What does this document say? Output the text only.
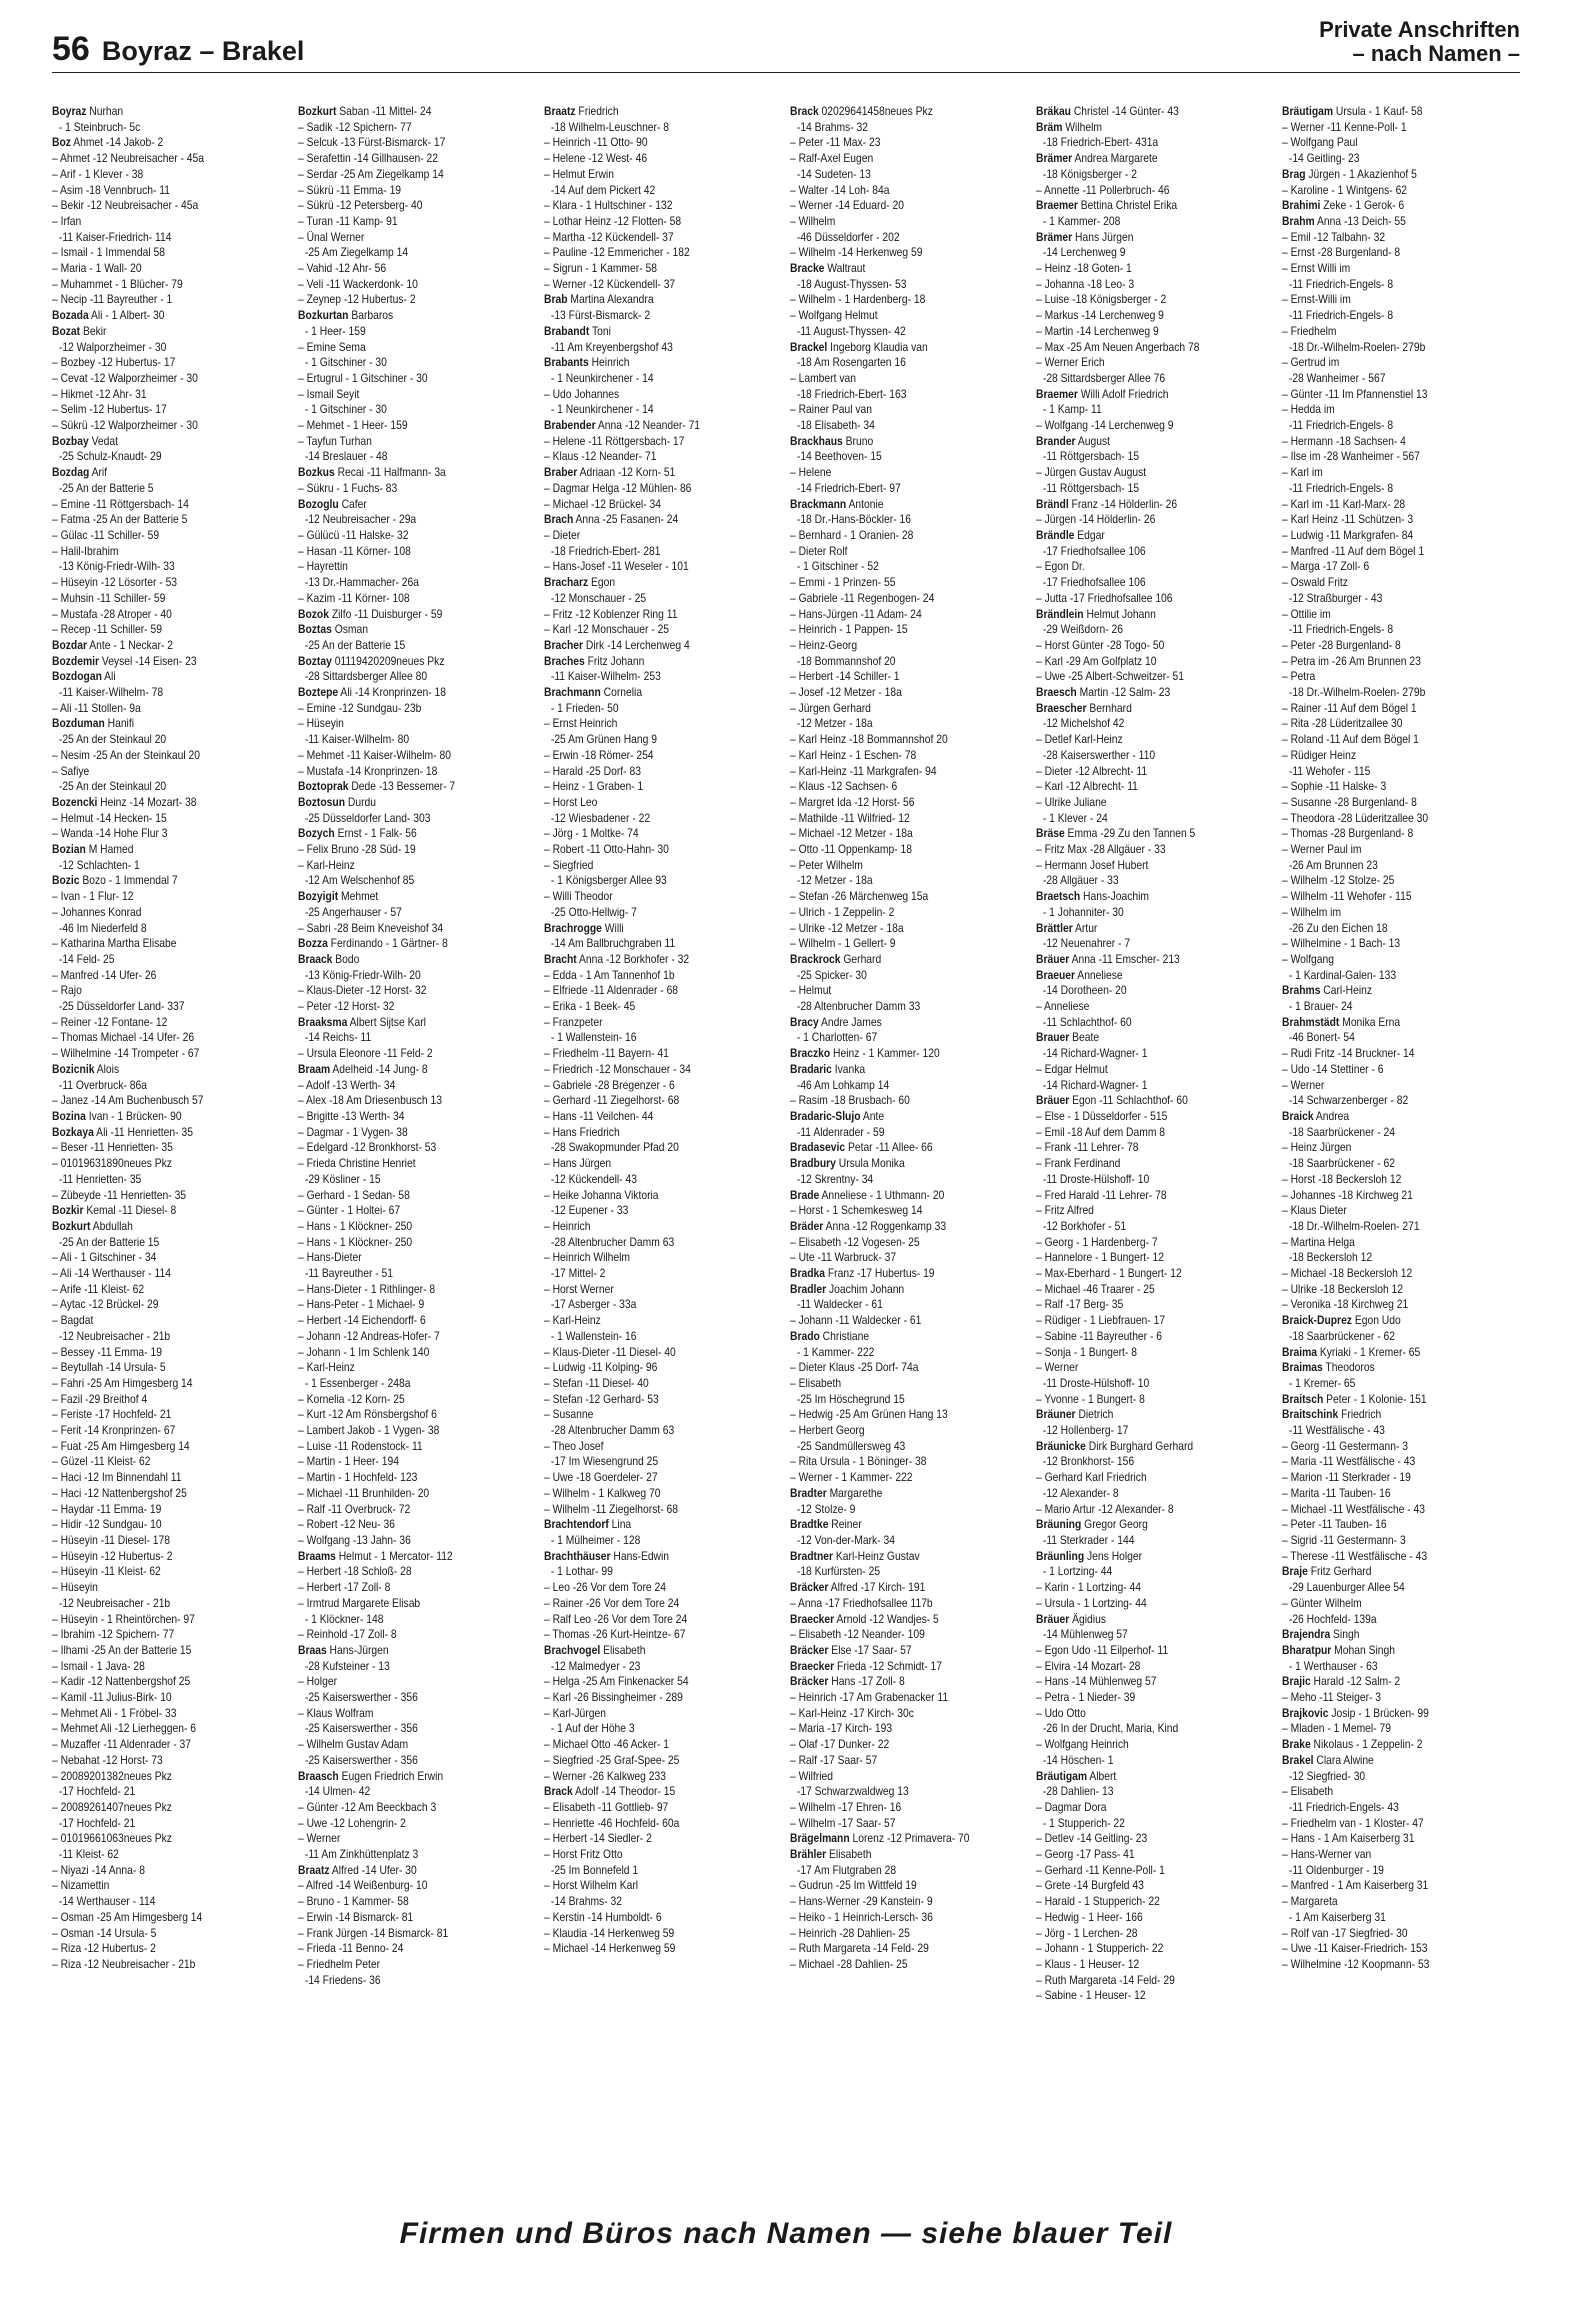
56 Boyraz – Brakel
Private Anschriften
– nach Namen –
Boyraz Nurhan
- 1 Steinbruch- 5c
Boz Ahmet -14 Jakob- 2
– Ahmet -12 Neubreisacher - 45a
– Arif - 1 Klever - 38
– Asim -18 Vennbruch- 11
– Bekir -12 Neubreisacher - 45a
– Irfan
-11 Kaiser-Friedrich- 114
– Ismail - 1 Immendal 58
– Maria - 1 Wall- 20
– Muhammet - 1 Blücher- 79
– Necip -11 Bayreuther - 1
Bozada Ali - 1 Albert- 30
Bozat Bekir
-12 Walporzheimer - 30
– Bozbey -12 Hubertus- 17
– Cevat -12 Walporzheimer - 30
– Hikmet -12 Ahr- 31
– Selim -12 Hubertus- 17
– Sükrü -12 Walporzheimer - 30
Bozbay Vedat
-25 Schulz-Knaudt- 29
Bozdag Arif
-25 An der Batterie 5
– Emine -11 Röttgersbach- 14
– Fatma -25 An der Batterie 5
– Gülac -11 Schiller- 59
– Halil-Ibrahim
-13 König-Friedr-Wilh- 33
– Hüseyin -12 Lösorter - 53
– Muhsin -11 Schiller- 59
– Mustafa -28 Atroper - 40
– Recep -11 Schiller- 59
Bozdar Ante - 1 Neckar- 2
Bozdemir Veysel -14 Eisen- 23
Bozdogan Ali
-11 Kaiser-Wilhelm- 78
– Ali -11 Stollen- 9a
Bozduman Hanifi
-25 An der Steinkaul 20
– Nesim -25 An der Steinkaul 20
– Safiye
-25 An der Steinkaul 20
Bozencki Heinz -14 Mozart- 38
– Helmut -14 Hecken- 15
– Wanda -14 Hohe Flur 3
Bozian M Hamed
-12 Schlachten- 1
Bozic Bozo - 1 Immendal 7
– Ivan - 1 Flur- 12
– Johannes Konrad
-46 Im Niederfeld 8
– Katharina Martha Elisabe
-14 Feld- 25
– Manfred -14 Ufer- 26
– Rajo
-25 Düsseldorfer Land- 337
– Reiner -12 Fontane- 12
– Thomas Michael -14 Ufer- 26
– Wilhelmine -14 Trompeter - 67
Bozicnik Alois
-11 Overbruck- 86a
– Janez -14 Am Buchenbusch 57
Bozina Ivan - 1 Brücken- 90
Bozkaya Ali -11 Henrietten- 35
– Beser -11 Henrietten- 35
– 01019631890neues Pkz
-11 Henrietten- 35
– Zübeyde -11 Henrietten- 35
Bozkir Kemal -11 Diesel- 8
Bozkurt Abdullah
-25 An der Batterie 15
– Ali - 1 Gitschiner - 34
– Ali -14 Werthauser - 114
– Arife -11 Kleist- 62
– Aytac -12 Brückel- 29
– Bagdat
-12 Neubreisacher - 21b
– Bessey -11 Emma- 19
– Beytullah -14 Ursula- 5
– Fahri -25 Am Himgesberg 14
– Fazil -29 Breithof 4
– Feriste -17 Hochfeld- 21
– Ferit -14 Kronprinzen- 67
– Fuat -25 Am Himgesberg 14
– Güzel -11 Kleist- 62
– Haci -12 Im Binnendahl 11
– Haci -12 Nattenbergshof 25
– Haydar -11 Emma- 19
– Hidir -12 Sundgau- 10
– Hüseyin -11 Diesel- 178
– Hüseyin -12 Hubertus- 2
– Hüseyin -11 Kleist- 62
– Hüseyin
-12 Neubreisacher - 21b
– Hüseyin - 1 Rheintörchen- 97
– Ibrahim -12 Spichern- 77
– Ilhami -25 An der Batterie 15
– Ismail - 1 Java- 28
– Kadir -12 Nattenbergshof 25
– Kamil -11 Julius-Birk- 10
– Mehmet Ali - 1 Fröbel- 33
– Mehmet Ali -12 Lierheggen- 6
– Muzaffer -11 Aldenrader - 37
– Nebahat -12 Horst- 73
– 20089201382neues Pkz
-17 Hochfeld- 21
– 20089261407neues Pkz
-17 Hochfeld- 21
– 01019661063neues Pkz
-11 Kleist- 62
– Niyazi -14 Anna- 8
– Nizamettin
-14 Werthauser - 114
– Osman -25 Am Himgesberg 14
– Osman -14 Ursula- 5
– Riza -12 Hubertus- 2
– Riza -12 Neubreisacher - 21b
Bozkurt Saban -11 Mittel- 24
– Sadik -12 Spichern- 77
– Selcuk -13 Fürst-Bismarck- 17
– Serafettin -14 Gillhausen- 22
– Serdar -25 Am Ziegelkamp 14
– Sükrü -11 Emma- 19
– Sükrü -12 Petersberg- 40
– Turan -11 Kamp- 91
– Ünal Werner
-25 Am Ziegelkamp 14
– Vahid -12 Ahr- 56
– Veli -11 Wackerdonk- 10
– Zeynep -12 Hubertus- 2
Bozkurtan Barbaros
- 1 Heer- 159
– Emine Sema
- 1 Gitschiner - 30
– Ertugrul - 1 Gitschiner - 30
– Ismail Seyit
- 1 Gitschiner - 30
– Mehmet - 1 Heer- 159
– Tayfun Turhan
-14 Breslauer - 48
Bozkus Recai -11 Halfmann- 3a
– Sükru - 1 Fuchs- 83
Bozoglu Cafer
-12 Neubreisacher - 29a
– Gülücü -11 Halske- 32
– Hasan -11 Körner- 108
– Hayrettin
-13 Dr.-Hammacher- 26a
– Kazim -11 Körner- 108
Bozok Zilfo -11 Duisburger - 59
Boztas Osman
-25 An der Batterie 15
Boztay 01119420209neues Pkz
-28 Sittardsberger Allee 80
Boztepe Ali -14 Kronprinzen- 18
– Emine -12 Sundgau- 23b
– Hüseyin
-11 Kaiser-Wilhelm- 80
– Mehmet -11 Kaiser-Wilhelm- 80
– Mustafa -14 Kronprinzen- 18
Boztoprak Dede -13 Bessemer- 7
Boztosun Durdu
-25 Düsseldorfer Land- 303
Bozych Ernst - 1 Falk- 56
– Felix Bruno -28 Süd- 19
– Karl-Heinz
-12 Am Welschenhof 85
Bozyigit Mehmet
-25 Angerhauser - 57
– Sabri -28 Beim Kneveishof 34
Bozza Ferdinando - 1 Gärtner- 8
Braack Bodo
-13 König-Friedr-Wilh- 20
– Klaus-Dieter -12 Horst- 32
– Peter -12 Horst- 32
Braaksma Albert Sijtse Karl
-14 Reichs- 11
– Ursula Eleonore -11 Feld- 2
Braam Adelheid -14 Jung- 8
– Adolf -13 Werth- 34
– Alex -18 Am Driesenbusch 13
– Brigitte -13 Werth- 34
– Dagmar - 1 Vygen- 38
– Edelgard -12 Bronkhorst- 53
– Frieda Christine Henriet
-29 Kösliner - 15
– Gerhard - 1 Sedan- 58
– Günter - 1 Holtei- 67
– Hans - 1 Klöckner- 250
– Hans - 1 Klöckner- 250
– Hans-Dieter
-11 Bayreuther - 51
– Hans-Dieter - 1 Rithlinger- 8
– Hans-Peter - 1 Michael- 9
– Herbert -14 Eichendorff- 6
– Johann -12 Andreas-Hofer- 7
– Johann - 1 Im Schlenk 140
– Karl-Heinz
- 1 Essenberger - 248a
– Kornelia -12 Korn- 25
– Kurt -12 Am Rönsbergshof 6
– Lambert Jakob - 1 Vygen- 38
– Luise -11 Rodenstock- 11
– Martin - 1 Heer- 194
– Martin - 1 Hochfeld- 123
– Michael -11 Brunhilden- 20
– Ralf -11 Overbruck- 72
– Robert -12 Neu- 36
– Wolfgang -13 Jahn- 36
Braams Helmut - 1 Mercator- 112
– Herbert -18 Schloß- 28
– Herbert -17 Zoll- 8
– Irmtrud Margarete Elisab
- 1 Klöckner- 148
– Reinhold -17 Zoll- 8
Braas Hans-Jürgen
-28 Kufsteiner - 13
– Holger
-25 Kaiserswerther - 356
– Klaus Wolfram
-25 Kaiserswerther - 356
– Wilhelm Gustav Adam
-25 Kaiserswerther - 356
Braasch Eugen Friedrich Erwin
-14 Ulmen- 42
– Günter -12 Am Beeckbach 3
– Uwe -12 Lohengrin- 2
– Werner
-11 Am Zinkhüttenplatz 3
Braatz Alfred -14 Ufer- 30
– Alfred -14 Weißenburg- 10
– Bruno - 1 Kammer- 58
– Erwin -14 Bismarck- 81
– Frank Jürgen -14 Bismarck- 81
– Frieda -11 Benno- 24
– Friedhelm Peter
-14 Friedens- 36
Braatz Friedrich
-18 Wilhelm-Leuschner- 8
– Heinrich -11 Otto- 90
– Helene -12 West- 46
– Helmut Erwin
-14 Auf dem Pickert 42
– Klara - 1 Hultschiner - 132
– Lothar Heinz -12 Flotten- 58
– Martha -12 Kückendell- 37
– Pauline -12 Emmericher - 182
– Sigrun - 1 Kammer- 58
– Werner -12 Kückendell- 37
Brab Martina Alexandra
-13 Fürst-Bismarck- 2
Brabandt Toni
-11 Am Kreyenbergshof 43
Brabants Heinrich
- 1 Neunkirchener - 14
– Udo Johannes
- 1 Neunkirchener - 14
Brabender Anna -12 Neander- 71
– Helene -11 Röttgersbach- 17
– Klaus -12 Neander- 71
Braber Adriaan -12 Korn- 51
– Dagmar Helga -12 Mühlen- 86
– Michael -12 Brückel- 34
Brach Anna -25 Fasanen- 24
– Dieter
-18 Friedrich-Ebert- 281
– Hans-Josef -11 Weseler - 101
Bracharz Egon
-12 Monschauer - 25
– Fritz -12 Koblenzer Ring 11
– Karl -12 Monschauer - 25
Bracher Dirk -14 Lerchenweg 4
Braches Fritz Johann
-11 Kaiser-Wilhelm- 253
Brachmann Cornelia
- 1 Frieden- 50
– Ernst Heinrich
-25 Am Grünen Hang 9
– Erwin -18 Römer- 254
– Harald -25 Dorf- 83
– Heinz - 1 Graben- 1
– Horst Leo
-12 Wiesbadener - 22
– Jörg - 1 Moltke- 74
– Robert -11 Otto-Hahn- 30
– Siegfried
- 1 Königsberger Allee 93
– Willi Theodor
-25 Otto-Hellwig- 7
Brachrogge Willi
-14 Am Ballbruchgraben 11
Bracht Anna -12 Borkhofer - 32
– Edda - 1 Am Tannenhof 1b
– Elfriede -11 Aldenrader - 68
– Erika - 1 Beek- 45
– Franzpeter
- 1 Wallenstein- 16
– Friedhelm -11 Bayern- 41
– Friedrich -12 Monschauer - 34
– Gabriele -28 Bregenzer - 6
– Gerhard -11 Ziegelhorst- 68
– Hans -11 Veilchen- 44
– Hans Friedrich
-28 Swakopmunder Pfad 20
– Hans Jürgen
-12 Kückendell- 43
– Heike Johanna Viktoria
-12 Eupener - 33
– Heinrich
-28 Altenbrucher Damm 63
– Heinrich Wilhelm
-17 Mittel- 2
– Horst Werner
-17 Asberger - 33a
– Karl-Heinz
- 1 Wallenstein- 16
– Klaus-Dieter -11 Diesel- 40
– Ludwig -11 Kolping- 96
– Stefan -11 Diesel- 40
– Stefan -12 Gerhard- 53
– Susanne
-28 Altenbrucher Damm 63
– Theo Josef
-17 Im Wiesengrund 25
– Uwe -18 Goerdeler- 27
– Wilhelm - 1 Kalkweg 70
– Wilhelm -11 Ziegelhorst- 68
Brachtendorf Lina
- 1 Mülheimer - 128
Brachthäuser Hans-Edwin
- 1 Lothar- 99
– Leo -26 Vor dem Tore 24
– Rainer -26 Vor dem Tore 24
– Ralf Leo -26 Vor dem Tore 24
– Thomas -26 Kurt-Heintze- 67
Brachvogel Elisabeth
-12 Malmedyer - 23
– Helga -25 Am Finkenacker 54
– Karl -26 Bissingheimer - 289
– Karl-Jürgen
- 1 Auf der Höhe 3
– Michael Otto -46 Acker- 1
– Siegfried -25 Graf-Spee- 25
– Werner -26 Kalkweg 233
Brack Adolf -14 Theodor- 15
– Elisabeth -11 Gottlieb- 97
– Henriette -46 Hochfeld- 60a
– Herbert -14 Siedler- 2
– Horst Fritz Otto
-25 Im Bonnefeld 1
– Horst Wilhelm Karl
-14 Brahms- 32
– Kerstin -14 Humboldt- 6
– Klaudia -14 Herkenweg 59
– Michael -14 Herkenweg 59
Brack 02029641458neues Pkz
-14 Brahms- 32
– Peter -11 Max- 23
– Ralf-Axel Eugen
-14 Sudeten- 13
– Walter -14 Loh- 84a
– Werner -14 Eduard- 20
– Wilhelm
-46 Düsseldorfer - 202
– Wilhelm -14 Herkenweg 59
Bracke Waltraut
-18 August-Thyssen- 53
– Wilhelm - 1 Hardenberg- 18
– Wolfgang Helmut
-11 August-Thyssen- 42
Brackel Ingeborg Klaudia van
-18 Am Rosengarten 16
– Lambert van
-18 Friedrich-Ebert- 163
– Rainer Paul van
-18 Elisabeth- 34
Brackhaus Bruno
-14 Beethoven- 15
– Helene
-14 Friedrich-Ebert- 97
Brackmann Antonie
-18 Dr.-Hans-Böckler- 16
– Bernhard - 1 Oranien- 28
– Dieter Rolf
- 1 Gitschiner - 52
– Emmi - 1 Prinzen- 55
– Gabriele -11 Regenbogen- 24
– Hans-Jürgen -11 Adam- 24
– Heinrich - 1 Pappen- 15
– Heinz-Georg
-18 Bommannshof 20
– Herbert -14 Schiller- 1
– Josef -12 Metzer - 18a
– Jürgen Gerhard
-12 Metzer - 18a
– Karl Heinz -18 Bommannshof 20
– Karl Heinz - 1 Eschen- 78
– Karl-Heinz -11 Markgrafen- 94
– Klaus -12 Sachsen- 6
– Margret Ida -12 Horst- 56
– Mathilde -11 Wilfried- 12
– Michael -12 Metzer - 18a
– Otto -11 Oppenkamp- 18
– Peter Wilhelm
-12 Metzer - 18a
– Stefan -26 Märchenweg 15a
– Ulrich - 1 Zeppelin- 2
– Ulrike -12 Metzer - 18a
– Wilhelm - 1 Gellert- 9
Brackrock Gerhard
-25 Spicker- 30
– Helmut
-28 Altenbrucher Damm 33
Bracy Andre James
- 1 Charlotten- 67
Braczko Heinz - 1 Kammer- 120
Bradaric Ivanka
-46 Am Lohkamp 14
– Rasim -18 Brusbach- 60
Bradaric-Slujo Ante
-11 Aldenrader - 59
Bradasevic Petar -11 Allee- 66
Bradbury Ursula Monika
-12 Skrentny- 34
Brade Anneliese - 1 Uthmann- 20
– Horst - 1 Schemkesweg 14
Bräder Anna -12 Roggenkamp 33
– Elisabeth -12 Vogesen- 25
– Ute -11 Warbruck- 37
Bradka Franz -17 Hubertus- 19
Bradler Joachim Johann
-11 Waldecker - 61
– Johann -11 Waldecker - 61
Brado Christiane
- 1 Kammer- 222
– Dieter Klaus -25 Dorf- 74a
– Elisabeth
-25 Im Höschegrund 15
– Hedwig -25 Am Grünen Hang 13
– Herbert Georg
-25 Sandmüllersweg 43
– Rita Ursula - 1 Böninger- 38
– Werner - 1 Kammer- 222
Bradter Margarethe
-12 Stolze- 9
Bradtke Reiner
-12 Von-der-Mark- 34
Bradtner Karl-Heinz Gustav
-18 Kurfürsten- 25
Bräcker Alfred -17 Kirch- 191
– Anna -17 Friedhofsallee 117b
Braecker Arnold -12 Wandjes- 5
– Elisabeth -12 Neander- 109
Bräcker Else -17 Saar- 57
Braecker Frieda -12 Schmidt- 17
Bräcker Hans -17 Zoll- 8
– Heinrich -17 Am Grabenacker 11
– Karl-Heinz -17 Kirch- 30c
– Maria -17 Kirch- 193
– Olaf -17 Dunker- 22
– Ralf -17 Saar- 57
– Wilfried
-17 Schwarzwaldweg 13
– Wilhelm -17 Ehren- 16
– Wilhelm -17 Saar- 57
Brägelmann Lorenz -12 Primavera- 70
Brähler Elisabeth
-17 Am Flutgraben 28
– Gudrun -25 Im Wittfeld 19
– Hans-Werner -29 Kanstein- 9
– Heiko - 1 Heinrich-Lersch- 36
– Heinrich -28 Dahlien- 25
– Ruth Margareta -14 Feld- 29
– Michael -28 Dahlien- 25
Bräkau Christel -14 Günter- 43
Bräm Wilhelm
-18 Friedrich-Ebert- 431a
Brämer Andrea Margarete
-18 Königsberger - 2
– Annette -11 Pollerbruch- 46
Braemer Bettina Christel Erika
- 1 Kammer- 208
Brämer Hans Jürgen
-14 Lerchenweg 9
– Heinz -18 Goten- 1
– Johanna -18 Leo- 3
– Luise -18 Königsberger - 2
– Markus -14 Lerchenweg 9
– Martin -14 Lerchenweg 9
– Max -25 Am Neuen Angerbach 78
– Werner Erich
-28 Sittardsberger Allee 76
Braemer Willi Adolf Friedrich
- 1 Kamp- 11
– Wolfgang -14 Lerchenweg 9
Brander August
-11 Röttgersbach- 15
– Jürgen Gustav August
-11 Röttgersbach- 15
Brändl Franz -14 Hölderlin- 26
– Jürgen -14 Hölderlin- 26
Brändle Edgar
-17 Friedhofsallee 106
– Egon Dr.
-17 Friedhofsallee 106
– Jutta -17 Friedhofsallee 106
Brändlein Helmut Johann
-29 Weißdorn- 26
– Horst Günter -28 Togo- 50
– Karl -29 Am Golfplatz 10
– Uwe -25 Albert-Schweitzer- 51
Braesch Martin -12 Salm- 23
Braescher Bernhard
-12 Michelshof 42
– Detlef Karl-Heinz
-28 Kaiserswerther - 110
– Dieter -12 Albrecht- 11
– Karl -12 Albrecht- 11
– Ulrike Juliane
- 1 Klever - 24
Bräse Emma -29 Zu den Tannen 5
– Fritz Max -28 Allgäuer - 33
– Hermann Josef Hubert
-28 Allgäuer - 33
Braetsch Hans-Joachim
- 1 Johanniter- 30
Brättler Artur
-12 Neuenahrer - 7
Bräuer Anna -11 Emscher- 213
Braeuer Anneliese
-14 Dorotheen- 20
– Anneliese
-11 Schlachthof- 60
Brauer Beate
-14 Richard-Wagner- 1
– Edgar Helmut
-14 Richard-Wagner- 1
Bräuer Egon -11 Schlachthof- 60
– Else - 1 Düsseldorfer - 515
– Emil -18 Auf dem Damm 8
– Frank -11 Lehrer- 78
– Frank Ferdinand
-11 Droste-Hülshoff- 10
– Fred Harald -11 Lehrer- 78
– Fritz Alfred
-12 Borkhofer - 51
– Georg - 1 Hardenberg- 7
– Hannelore - 1 Bungert- 12
– Max-Eberhard - 1 Bungert- 12
– Michael -46 Traarer - 25
– Ralf -17 Berg- 35
– Rüdiger - 1 Liebfrauen- 17
– Sabine -11 Bayreuther - 6
– Sonja - 1 Bungert- 8
– Werner
-11 Droste-Hülshoff- 10
– Yvonne - 1 Bungert- 8
Bräuner Dietrich
-12 Hollenberg- 17
Bräunicke Dirk Burghard Gerhard
-12 Bronkhorst- 156
– Gerhard Karl Friedrich
-12 Alexander- 8
– Mario Artur -12 Alexander- 8
Bräuning Gregor Georg
-11 Sterkrader - 144
Bräunling Jens Holger
- 1 Lortzing- 44
– Karin - 1 Lortzing- 44
– Ursula - 1 Lortzing- 44
Bräuer Ägidius
-14 Mühlenweg 57
– Egon Udo -11 Eilperhof- 11
– Elvira -14 Mozart- 28
– Hans -14 Mühlenweg 57
– Petra - 1 Nieder- 39
– Udo Otto
-26 In der Drucht, Maria, Kind
– Wolfgang Heinrich
-14 Höschen- 1
Bräutigam Albert
-28 Dahlien- 13
– Dagmar Dora
- 1 Stupperich- 22
– Detlev -14 Geitling- 23
– Georg -17 Pass- 41
– Gerhard -11 Kenne-Poll- 1
– Grete -14 Burgfeld 43
– Harald - 1 Stupperich- 22
– Hedwig - 1 Heer- 166
– Jörg - 1 Lerchen- 28
– Johann - 1 Stupperich- 22
– Klaus - 1 Heuser- 12
– Ruth Margareta -14 Feld- 29
– Sabine - 1 Heuser- 12
Bräutigam Ursula - 1 Kauf- 58
– Werner -11 Kenne-Poll- 1
– Wolfgang Paul
-14 Geitling- 23
Brag Jürgen - 1 Akazienhof 5
– Karoline - 1 Wintgens- 62
Brahimi Zeke - 1 Gerok- 6
Brahm Anna -13 Deich- 55
– Emil -12 Talbahn- 32
– Ernst -28 Burgenland- 8
– Ernst Willi im
-11 Friedrich-Engels- 8
– Ernst-Willi im
-11 Friedrich-Engels- 8
– Friedhelm
-18 Dr.-Wilhelm-Roelen- 279b
– Gertrud im
-28 Wanheimer - 567
– Günter -11 Im Pfannenstiel 13
– Hedda im
-11 Friedrich-Engels- 8
– Hermann -18 Sachsen- 4
– Ilse im -28 Wanheimer - 567
– Karl im
-11 Friedrich-Engels- 8
– Karl im -11 Karl-Marx- 28
– Karl Heinz -11 Schützen- 3
– Ludwig -11 Markgrafen- 84
– Manfred -11 Auf dem Bögel 1
– Marga -17 Zoll- 6
– Oswald Fritz
-12 Straßburger - 43
– Ottilie im
-11 Friedrich-Engels- 8
– Peter -28 Burgenland- 8
– Petra im -26 Am Brunnen 23
– Petra
-18 Dr.-Wilhelm-Roelen- 279b
– Rainer -11 Auf dem Bögel 1
– Rita -28 Lüderitzallee 30
– Roland -11 Auf dem Bögel 1
– Rüdiger Heinz
-11 Wehofer - 115
– Sophie -11 Halske- 3
– Susanne -28 Burgenland- 8
– Theodora -28 Lüderitzallee 30
– Thomas -28 Burgenland- 8
– Werner Paul im
-26 Am Brunnen 23
– Wilhelm -12 Stolze- 25
– Wilhelm -11 Wehofer - 115
– Wilhelm im
-26 Zu den Eichen 18
– Wilhelmine - 1 Bach- 13
– Wolfgang
- 1 Kardinal-Galen- 133
Brahms Carl-Heinz
- 1 Brauer- 24
Brahmstädt Monika Erna
-46 Bonert- 54
– Rudi Fritz -14 Bruckner- 14
– Udo -14 Stettiner - 6
– Werner
-14 Schwarzenberger - 82
Braick Andrea
-18 Saarbrückener - 24
– Heinz Jürgen
-18 Saarbrückener - 62
– Horst -18 Beckersloh 12
– Johannes -18 Kirchweg 21
– Klaus Dieter
-18 Dr.-Wilhelm-Roelen- 271
– Martina Helga
-18 Beckersloh 12
– Michael -18 Beckersloh 12
– Ulrike -18 Beckersloh 12
– Veronika -18 Kirchweg 21
Braick-Duprez Egon Udo
-18 Saarbrückener - 62
Braima Kyriaki - 1 Kremer- 65
Braimas Theodoros
- 1 Kremer- 65
Braitsch Peter - 1 Kolonie- 151
Braitschink Friedrich
-11 Westfälische - 43
– Georg -11 Gestermann- 3
– Maria -11 Westfälische - 43
– Marion -11 Sterkrader - 19
– Marita -11 Tauben- 16
– Michael -11 Westfälische - 43
– Peter -11 Tauben- 16
– Sigrid -11 Gestermann- 3
– Therese -11 Westfälische - 43
Braje Fritz Gerhard
-29 Lauenburger Allee 54
– Günter Wilhelm
-26 Hochfeld- 139a
Brajendra Singh
Bharatpur Mohan Singh
- 1 Werthauser - 63
Brajic Harald -12 Salm- 2
– Meho -11 Steiger- 3
Brajkovic Josip - 1 Brücken- 99
– Mladen - 1 Memel- 79
Brake Nikolaus - 1 Zeppelin- 2
Brakel Clara Alwine
-12 Siegfried- 30
– Elisabeth
-11 Friedrich-Engels- 43
– Friedhelm van - 1 Kloster- 47
– Hans - 1 Am Kaiserberg 31
– Hans-Werner van
-11 Oldenburger - 19
– Manfred - 1 Am Kaiserberg 31
– Margareta
- 1 Am Kaiserberg 31
– Rolf van -17 Siegfried- 30
– Uwe -11 Kaiser-Friedrich- 153
– Wilhelmine -12 Koopmann- 53
Firmen und Büros nach Namen — siehe blauer Teil
